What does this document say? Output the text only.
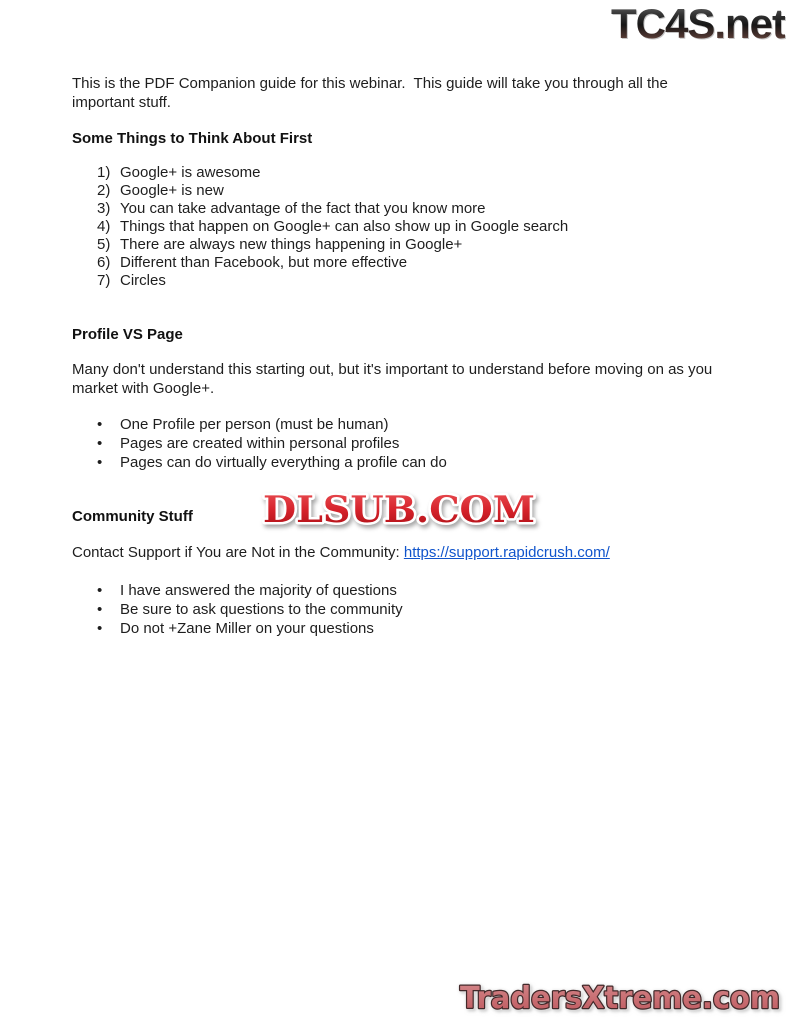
TC4S.net

This is the PDF Companion guide for this webinar.  This guide will take you through all the important stuff.

Some Things to Think About First
1) Google+ is awesome
2) Google+ is new
3) You can take advantage of the fact that you know more
4) Things that happen on Google+ can also show up in Google search
5) There are always new things happening in Google+
6) Different than Facebook, but more effective
7) Circles
Profile VS Page

Many don't understand this starting out, but it's important to understand before moving on as you market with Google+.

•	One Profile per person (must be human)
•	Pages are created within personal profiles
•	Pages can do virtually everything a profile can do
Community Stuff

Contact Support if You are Not in the Community: https://support.rapidcrush.com/

•	I have answered the majority of questions
•	Be sure to ask questions to the community
•	Do not +Zane Miller on your questions
DLSUB.COM
TradersXtreme.com
